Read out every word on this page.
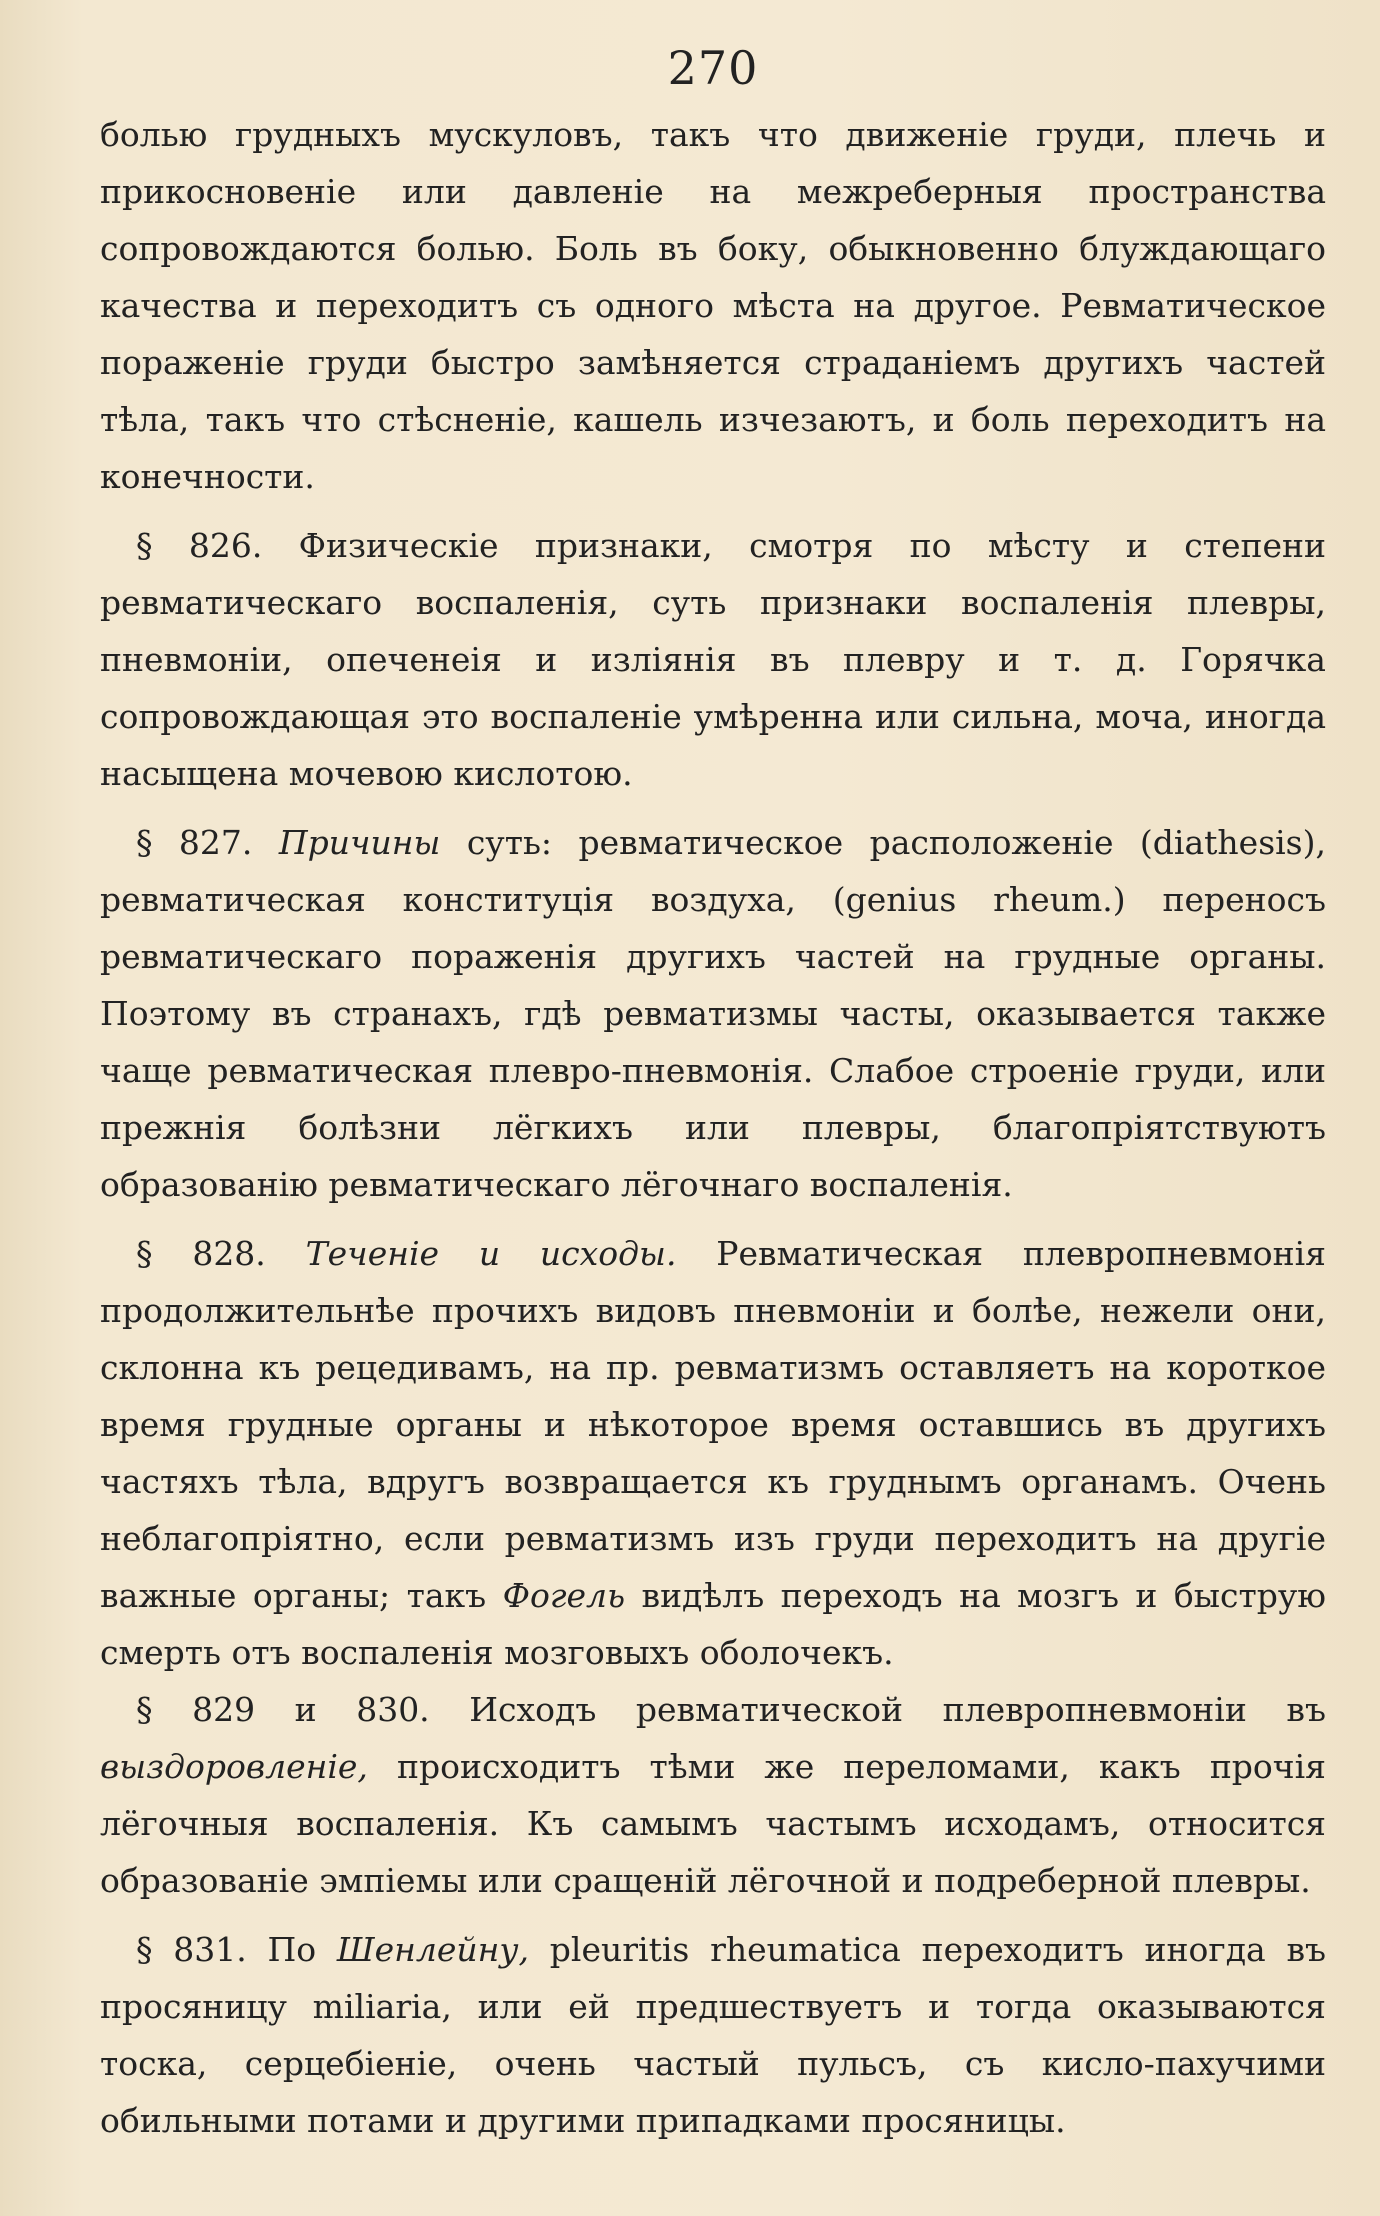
270

болью грудныхъ мускуловъ, такъ что движеніе груди, плечь и прикосновеніе или давленіе на межреберныя пространства сопровождаются болью. Боль въ боку, обыкновенно блуждающаго качества и переходитъ съ одного мѣста на другое. Ревматическое пораженіе груди быстро замѣняется страданіемъ другихъ частей тѣла, такъ что стѣсненіе, кашель изчезаютъ, и боль переходитъ на конечности.

§ 826. Физическіе признаки, смотря по мѣсту и степени ревматическаго воспаленія, суть признаки воспаленія плевры, пневмоніи, опеченеія и изліянія въ плевру и т. д. Горячка сопровождающая это воспаленіе умѣренна или сильна, моча, иногда насыщена мочевою кислотою.

§ 827. Причины суть: ревматическое расположеніе (diathesis), ревматическая конституція воздуха, (genius rheum.) переносъ ревматическаго пораженія другихъ частей на грудные органы. Поэтому въ странахъ, гдѣ ревматизмы часты, оказывается также чаще ревматическая плевро-пневмонія. Слабое строеніе груди, или прежнія болѣзни лёгкихъ или плевры, благопріятствуютъ образованію ревматическаго лёгочнаго воспаленія.

§ 828. Теченіе и исходы. Ревматическая плевропневмонія продолжительнѣе прочихъ видовъ пневмоніи и болѣе, нежели они, склонна къ рецедивамъ, на пр. ревматизмъ оставляетъ на короткое время грудные органы и нѣкоторое время оставшись въ другихъ частяхъ тѣла, вдругъ возвращается къ груднымъ органамъ. Очень неблагопріятно, если ревматизмъ изъ груди переходитъ на другіе важные органы; такъ Фогель видѣлъ переходъ на мозгъ и быструю смерть отъ воспаленія мозговыхъ оболочекъ.

§ 829 и 830. Исходъ ревматической плевропневмоніи въ выздоровленіе, происходитъ тѣми же переломами, какъ прочія лёгочныя воспаленія. Къ самымъ частымъ исходамъ, относится образованіе эмпіемы или сращеній лёгочной и подреберной плевры.

§ 831. По Шенлейну, pleuritis rheumatica переходитъ иногда въ просяницу miliaria, или ей предшествуетъ и тогда оказываются тоска, серцебіеніе, очень частый пульсъ, съ кисло-пахучими обильными потами и другими припадками просяницы.
